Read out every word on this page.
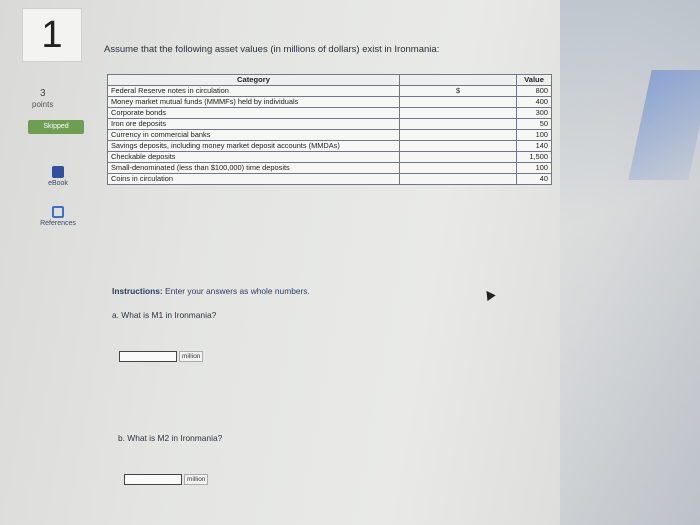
1
3
points
Skipped
eBook
References
Assume that the following asset values (in millions of dollars) exist in Ironmania:
Category		Value
Federal Reserve notes in circulation	$	800
Money market mutual funds (MMMFs) held by individuals		400
Corporate bonds		300
Iron ore deposits		50
Currency in commercial banks		100
Savings deposits, including money market deposit accounts (MMDAs)		140
Checkable deposits		1,500
Small-denominated (less than $100,000) time deposits		100
Coins in circulation		40
Instructions: Enter your answers as whole numbers.
a. What is M1 in Ironmania?
million
b. What is M2 in Ironmania?
million
